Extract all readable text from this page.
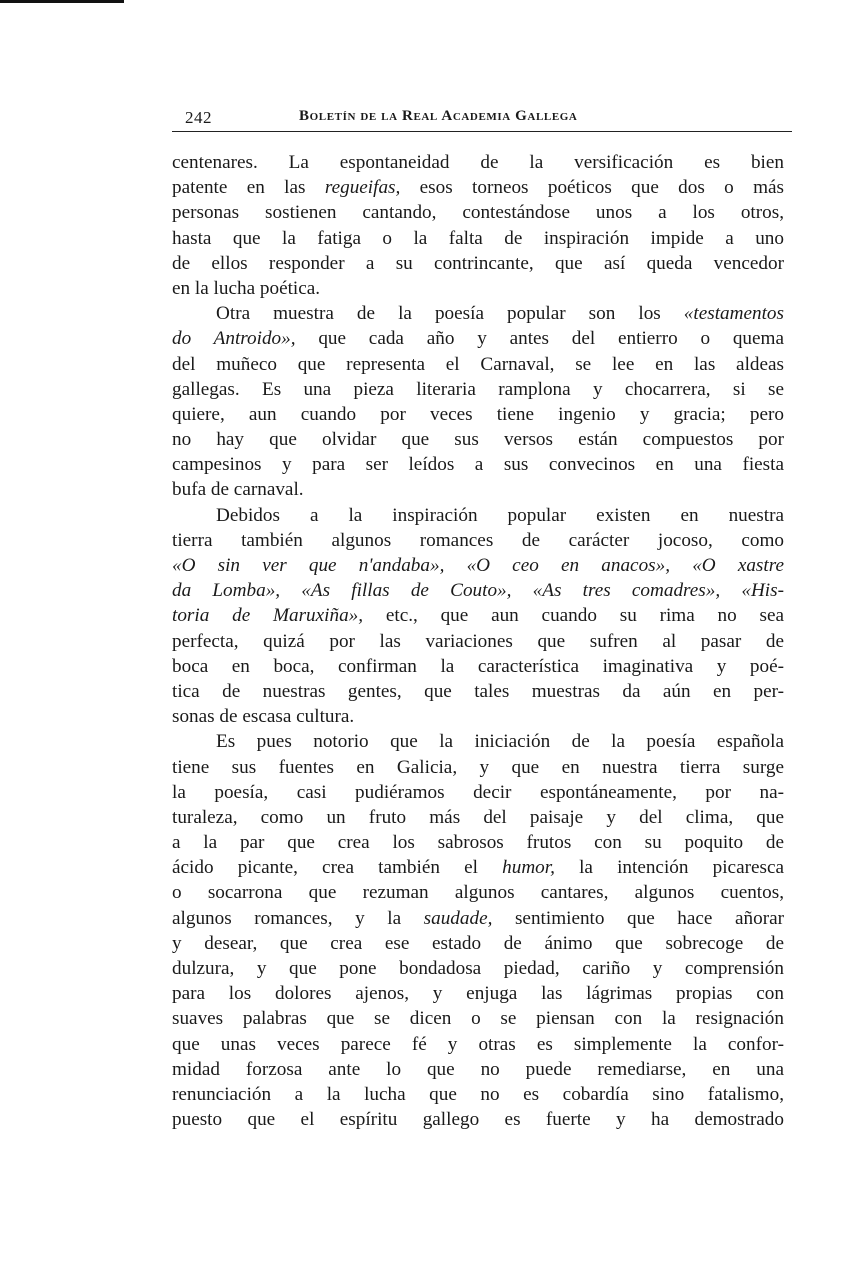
242	Boletín de la Real Academia Gallega
centenares. La espontaneidad de la versificación es bien
patente en las regueifas, esos torneos poéticos que dos o más
personas sostienen cantando, contestándose unos a los otros,
hasta que la fatiga o la falta de inspiración impide a uno
de ellos responder a su contrincante, que así queda vencedor
en la lucha poética.
Otra muestra de la poesía popular son los «testamentos
do Antroido», que cada año y antes del entierro o quema
del muñeco que representa el Carnaval, se lee en las aldeas
gallegas. Es una pieza literaria ramplona y chocarrera, si se
quiere, aun cuando por veces tiene ingenio y gracia; pero
no hay que olvidar que sus versos están compuestos por
campesinos y para ser leídos a sus convecinos en una fiesta
bufa de carnaval.
Debidos a la inspiración popular existen en nuestra
tierra también algunos romances de carácter jocoso, como
«O sin ver que n'andaba», «O ceo en anacos», «O xastre
da Lomba», «As fillas de Couto», «As tres comadres», «His-
toria de Maruxiña», etc., que aun cuando su rima no sea
perfecta, quizá por las variaciones que sufren al pasar de
boca en boca, confirman la característica imaginativa y poé-
tica de nuestras gentes, que tales muestras da aún en per-
sonas de escasa cultura.
Es pues notorio que la iniciación de la poesía española
tiene sus fuentes en Galicia, y que en nuestra tierra surge
la poesía, casi pudiéramos decir espontáneamente, por na-
turaleza, como un fruto más del paisaje y del clima, que
a la par que crea los sabrosos frutos con su poquito de
ácido picante, crea también el humor, la intención picaresca
o socarrona que rezuman algunos cantares, algunos cuentos,
algunos romances, y la saudade, sentimiento que hace añorar
y desear, que crea ese estado de ánimo que sobrecoge de
dulzura, y que pone bondadosa piedad, cariño y comprensión
para los dolores ajenos, y enjuga las lágrimas propias con
suaves palabras que se dicen o se piensan con la resignación
que unas veces parece fé y otras es simplemente la confor-
midad forzosa ante lo que no puede remediarse, en una
renunciación a la lucha que no es cobardía sino fatalismo,
puesto que el espíritu gallego es fuerte y ha demostrado
